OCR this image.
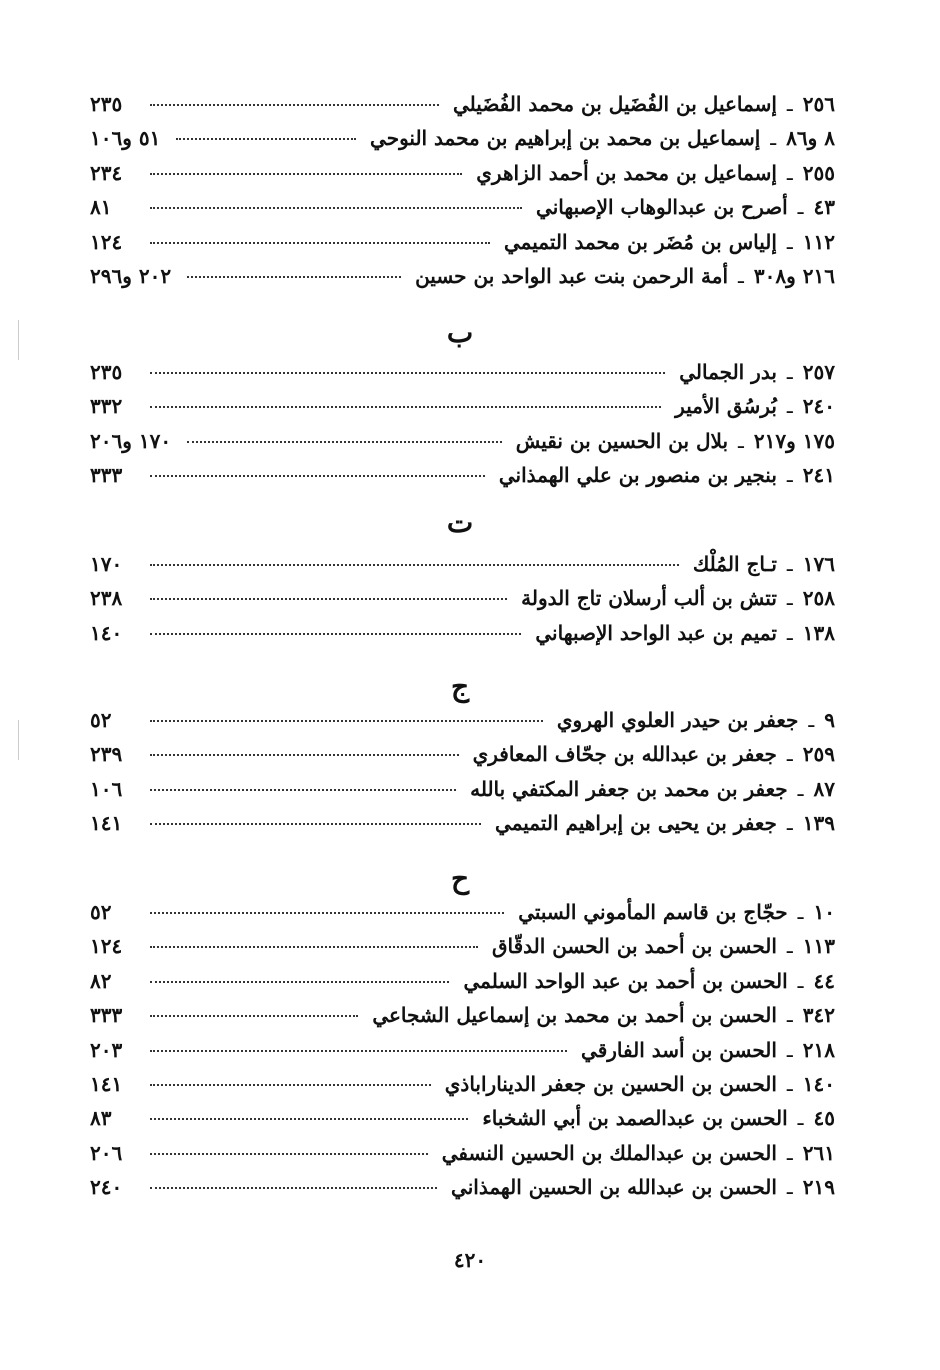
٢٥٦
ـ
إسماعيل بن الفُضَيل بن محمد الفُضَيلي
٢٣٥
٨ و٨٦
ـ
إسماعيل بن محمد بن إبراهيم بن محمد النوحي
٥١ و١٠٦
٢٥٥
ـ
إسماعيل بن محمد بن أحمد الزاهري
٢٣٤
٤٣
ـ
أصرح بن عبدالوهاب الإصبهاني
٨١
١١٢
ـ
إلياس بن مُضَر بن محمد التميمي
١٢٤
٢١٦ و٣٠٨
ـ
أمة الرحمن بنت عبد الواحد بن حسين
٢٠٢ و٢٩٦
ب
٢٥٧
ـ
بدر الجمالي
٢٣٥
٢٤٠
ـ
بُرسُق الأمير
٣٣٢
١٧٥ و٢١٧
ـ
بلال بن الحسين بن نقيش
١٧٠ و٢٠٦
٢٤١
ـ
بنجير بن منصور بن علي الهمذاني
٣٣٣
ت
١٧٦
ـ
تـاج المُلْك
١٧٠
٢٥٨
ـ
تتش بن ألب أرسلان تاج الدولة
٢٣٨
١٣٨
ـ
تميم بن عبد الواحد الإصبهاني
١٤٠
ج
٩
ـ
جعفر بن حيدر العلوي الهروي
٥٢
٢٥٩
ـ
جعفر بن عبدالله بن جحّاف المعافري
٢٣٩
٨٧
ـ
جعفر بن محمد بن جعفر المكتفي بالله
١٠٦
١٣٩
ـ
جعفر بن يحيى بن إبراهيم التميمي
١٤١
ح
١٠
ـ
حجّاج بن قاسم المأموني السبتي
٥٢
١١٣
ـ
الحسن بن أحمد بن الحسن الدقّاق
١٢٤
٤٤
ـ
الحسن بن أحمد بن عبد الواحد السلمي
٨٢
٣٤٢
ـ
الحسن بن أحمد بن محمد بن إسماعيل الشجاعي
٣٣٣
٢١٨
ـ
الحسن بن أسد الفارقي
٢٠٣
١٤٠
ـ
الحسن بن الحسين بن جعفر الديناراباذي
١٤١
٤٥
ـ
الحسن بن عبدالصمد بن أبي الشخباء
٨٣
٢٦١
ـ
الحسن بن عبدالملك بن الحسين النسفي
٢٠٦
٢١٩
ـ
الحسن بن عبدالله بن الحسين الهمذاني
٢٤٠
٤٢٠
